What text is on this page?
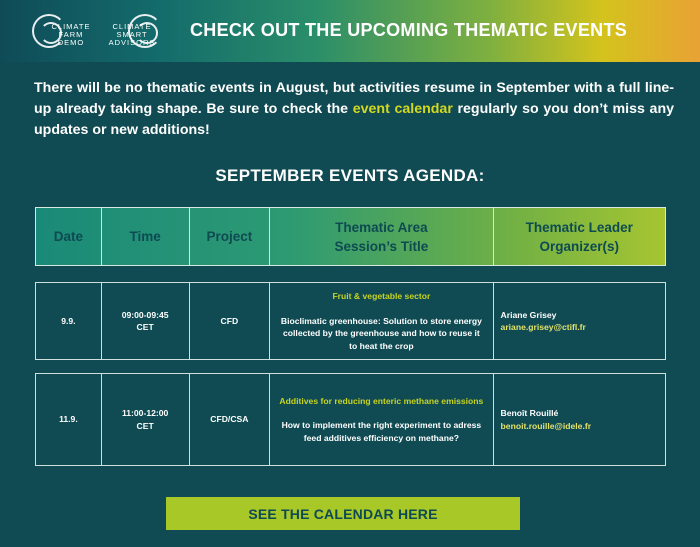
CLIMATE
FARM
DEMO
CLIMATE
SMART
ADVISORS
CHECK OUT THE UPCOMING THEMATIC EVENTS

There will be no thematic events in August, but activities resume in September with a full line-up already taking shape. Be sure to check the event calendar regularly so you don’t miss any updates or new additions!

SEPTEMBER EVENTS AGENDA:
Date	Time	Project
Thematic Area
Session’s Title
Thematic Leader
Organizer(s)
9.9.
09:00-09:45
CET
CFD
Fruit & vegetable sector
Bioclimatic greenhouse: Solution to store energy collected by the greenhouse and how to reuse it to heat the crop
Ariane Grisey
ariane.grisey@ctifl.fr
11.9.
11:00-12:00
CET
CFD/CSA
Additives for reducing enteric methane emissions
How to implement the right experiment to adress feed additives efficiency on methane?
Benoît Rouillé
benoit.rouille@idele.fr
SEE THE CALENDAR HERE
